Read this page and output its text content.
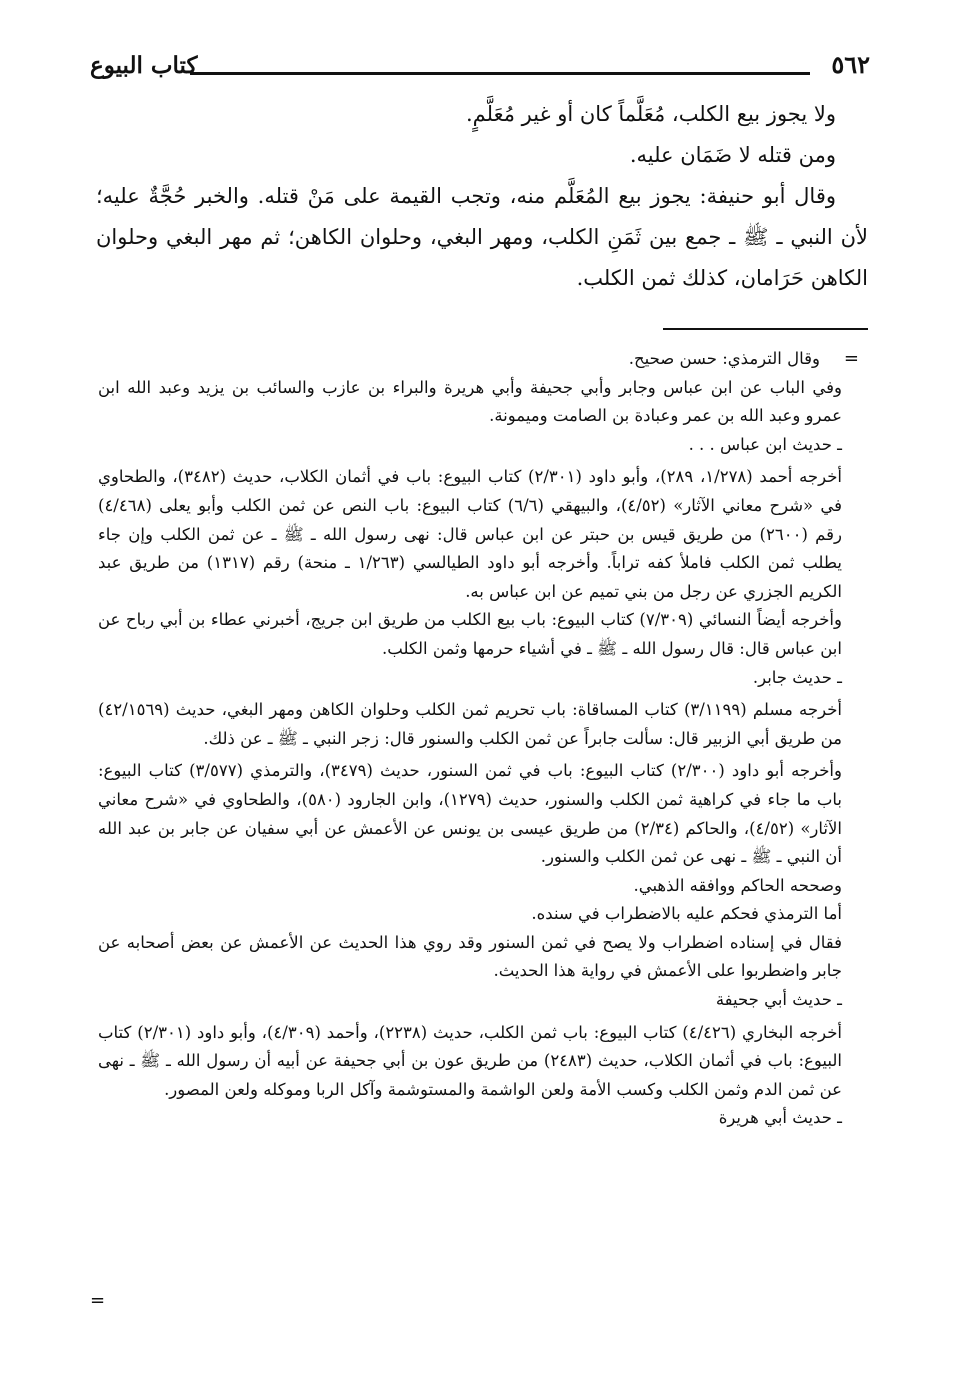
٥٦٢
كتاب البيوع

ولا يجوز بيع الكلب، مُعَلَّماً كان أو غير مُعَلَّمٍ.

ومن قتله لا ضَمَان عليه.

وقال أبو حنيفة: يجوز بيع المُعَلَّم منه، وتجب القيمة على مَنْ قتله. والخبر حُجَّةٌ عليه؛ لأن النبي ـ ﷺ ـ جمع بين ثَمَنِ الكلب، ومهر البغي، وحلوان الكاهن؛ ثم مهر البغي وحلوان الكاهن حَرَامان، كذلك ثمن الكلب.

=

وقال الترمذي: حسن صحيح.

وفي الباب عن ابن عباس وجابر وأبي جحيفة وأبي هريرة والبراء بن عازب والسائب بن يزيد وعبد الله ابن عمرو وعبد الله بن عمر وعبادة بن الصامت وميمونة.

ـ حديث ابن عباس . . .

أخرجه أحمد (١/٢٧٨، ٢٨٩)، وأبو داود (٢/٣٠١) كتاب البيوع: باب في أثمان الكلاب، حديث (٣٤٨٢)، والطحاوي في «شرح معاني الآثار» (٤/٥٢)، والبيهقي (٦/٦) كتاب البيوع: باب النص عن ثمن الكلب وأبو يعلى (٤/٤٦٨) رقم (٢٦٠٠) من طريق قيس بن حبتر عن ابن عباس قال: نهى رسول الله ـ ﷺ ـ عن ثمن الكلب وإن جاء يطلب ثمن الكلب فاملأ كفه تراباً. وأخرجه أبو داود الطيالسي (١/٢٦٣ ـ منحة) رقم (١٣١٧) من طريق عبد الكريم الجزري عن رجل من بني تميم عن ابن عباس به.

وأخرجه أيضاً النسائي (٧/٣٠٩) كتاب البيوع: باب بيع الكلب من طريق ابن جريج، أخبرني عطاء بن أبي رباح عن ابن عباس قال: قال رسول الله ـ ﷺ ـ في أشياء حرمها وثمن الكلب.

ـ حديث جابر.

أخرجه مسلم (٣/١١٩٩) كتاب المساقاة: باب تحريم ثمن الكلب وحلوان الكاهن ومهر البغي، حديث (٤٢/١٥٦٩) من طريق أبي الزبير قال: سألت جابراً عن ثمن الكلب والسنور قال: زجر النبي ـ ﷺ ـ عن ذلك.

وأخرجه أبو داود (٢/٣٠٠) كتاب البيوع: باب في ثمن السنور، حديث (٣٤٧٩)، والترمذي (٣/٥٧٧) كتاب البيوع: باب ما جاء في كراهية ثمن الكلب والسنور، حديث (١٢٧٩)، وابن الجارود (٥٨٠)، والطحاوي في «شرح معاني الآثار» (٤/٥٢)، والحاكم (٢/٣٤) من طريق عيسى بن يونس عن الأعمش عن أبي سفيان عن جابر بن عبد الله أن النبي ـ ﷺ ـ نهى عن ثمن الكلب والسنور.

وصححه الحاكم ووافقه الذهبي.

أما الترمذي فحكم عليه بالاضطراب في سنده.

فقال في إسناده اضطراب ولا يصح في ثمن السنور وقد روي هذا الحديث عن الأعمش عن بعض أصحابه عن جابر واضطربوا على الأعمش في رواية هذا الحديث.

ـ حديث أبي جحيفة

أخرجه البخاري (٤/٤٢٦) كتاب البيوع: باب ثمن الكلب، حديث (٢٢٣٨)، وأحمد (٤/٣٠٩)، وأبو داود (٢/٣٠١) كتاب البيوع: باب في أثمان الكلاب، حديث (٢٤٨٣) من طريق عون بن أبي جحيفة عن أبيه أن رسول الله ـ ﷺ ـ نهى عن ثمن الدم وثمن الكلب وكسب الأمة ولعن الواشمة والمستوشمة وآكل الربا وموكله ولعن المصور.

ـ حديث أبي هريرة

=
